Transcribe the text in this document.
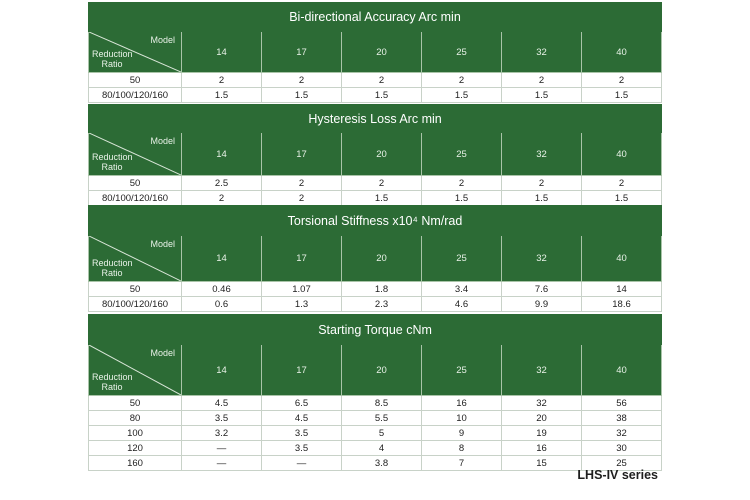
Bi-directional Accuracy Arc min						

Model
Reduction Ratio	14	17	20	25	32	40
50	2	2	2	2	2	2
80/100/120/160	1.5	1.5	1.5	1.5	1.5	1.5
Hysteresis Loss Arc min						

Model
Reduction Ratio	14	17	20	25	32	40
50	2.5	2	2	2	2	2
80/100/120/160	2	2	1.5	1.5	1.5	1.5
Torsional Stiffness x10⁴ Nm/rad						

Model
Reduction Ratio	14	17	20	25	32	40
50	0.46	1.07	1.8	3.4	7.6	14
80/100/120/160	0.6	1.3	2.3	4.6	9.9	18.6
Starting Torque cNm						

Model
Reduction Ratio	14	17	20	25	32	40
50	4.5	6.5	8.5	16	32	56
80	3.5	4.5	5.5	10	20	38
100	3.2	3.5	5	9	19	32
120	—	3.5	4	8	16	30
160	—	—	3.8	7	15	25
LHS-IV series
